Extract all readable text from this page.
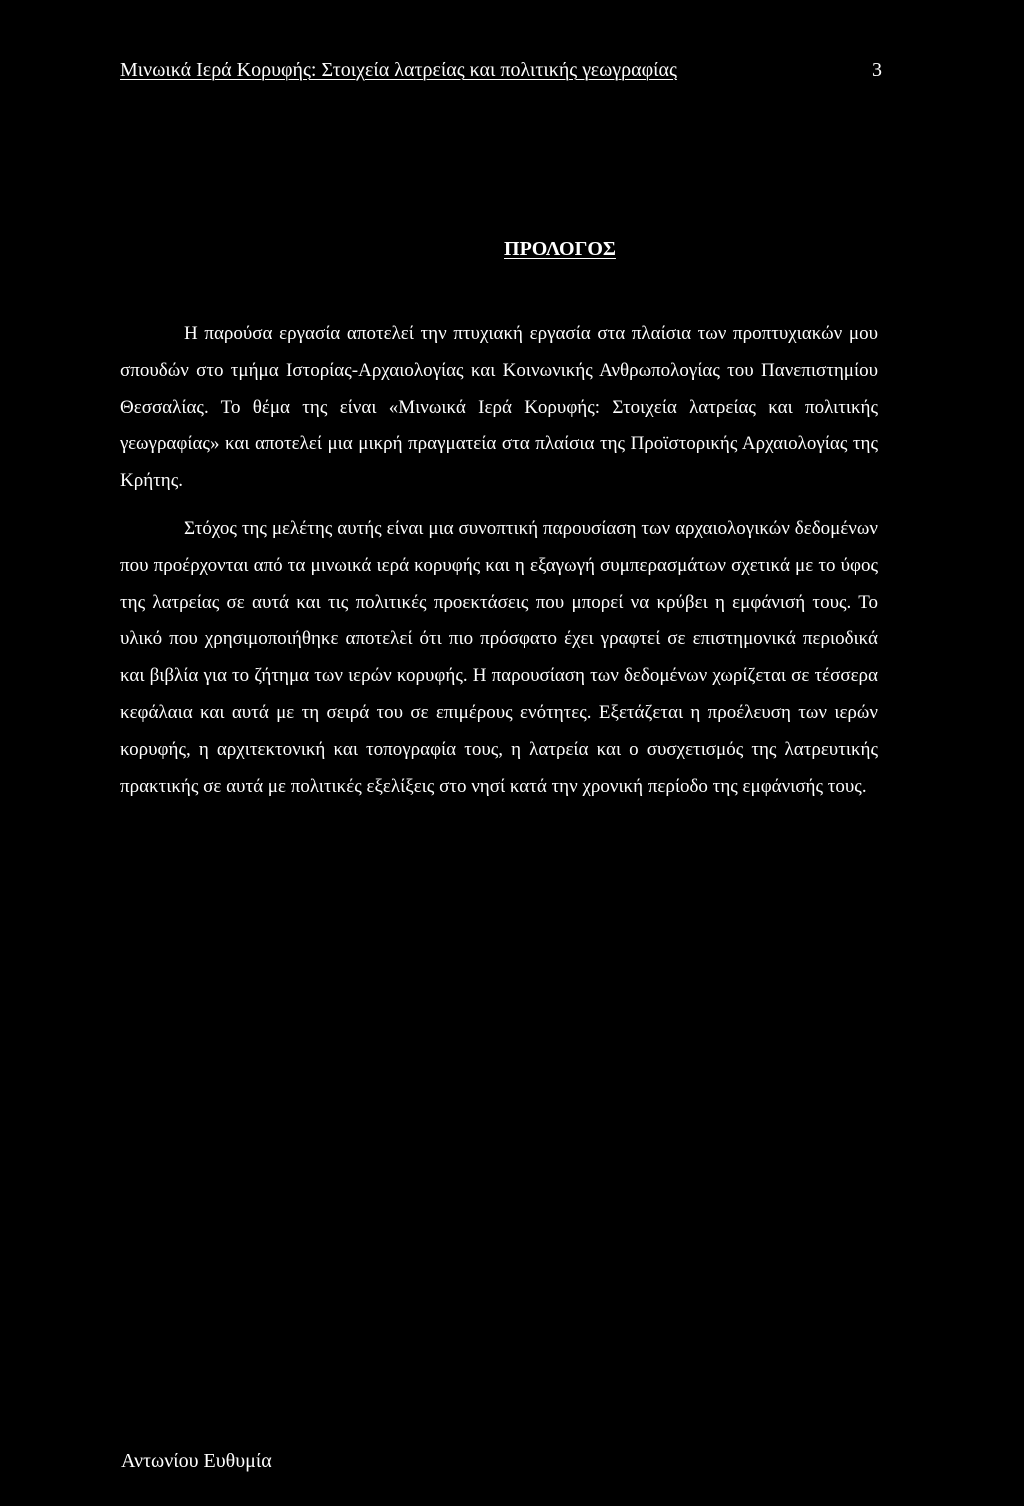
Μινωικά Ιερά Κορυφής: Στοιχεία λατρείας και πολιτικής γεωγραφίας	3
ΠΡΟΛΟΓΟΣ

Η παρούσα εργασία αποτελεί την πτυχιακή εργασία στα πλαίσια των προπτυχιακών μου σπουδών στο τμήμα Ιστορίας-Αρχαιολογίας και Κοινωνικής Ανθρωπολογίας του Πανεπιστημίου Θεσσαλίας. Το θέμα της είναι «Μινωικά Ιερά Κορυφής: Στοιχεία λατρείας και πολιτικής γεωγραφίας» και αποτελεί μια μικρή πραγματεία στα πλαίσια της Προϊστορικής Αρχαιολογίας της Κρήτης.

Στόχος της μελέτης αυτής είναι μια συνοπτική παρουσίαση των αρχαιολογικών δεδομένων που προέρχονται από τα μινωικά ιερά κορυφής και η εξαγωγή συμπερασμάτων σχετικά με το ύφος της λατρείας σε αυτά και τις πολιτικές προεκτάσεις που μπορεί να κρύβει η εμφάνισή τους. Το υλικό που χρησιμοποιήθηκε αποτελεί ότι πιο πρόσφατο έχει γραφτεί σε επιστημονικά περιοδικά και βιβλία για το ζήτημα των ιερών κορυφής. Η παρουσίαση των δεδομένων χωρίζεται σε τέσσερα κεφάλαια και αυτά με τη σειρά του σε επιμέρους ενότητες. Εξετάζεται η προέλευση των ιερών κορυφής, η αρχιτεκτονική και τοπογραφία τους, η λατρεία και ο συσχετισμός της λατρευτικής πρακτικής σε αυτά με πολιτικές εξελίξεις στο νησί κατά την χρονική περίοδο της εμφάνισής τους.

Αντωνίου Ευθυμία
